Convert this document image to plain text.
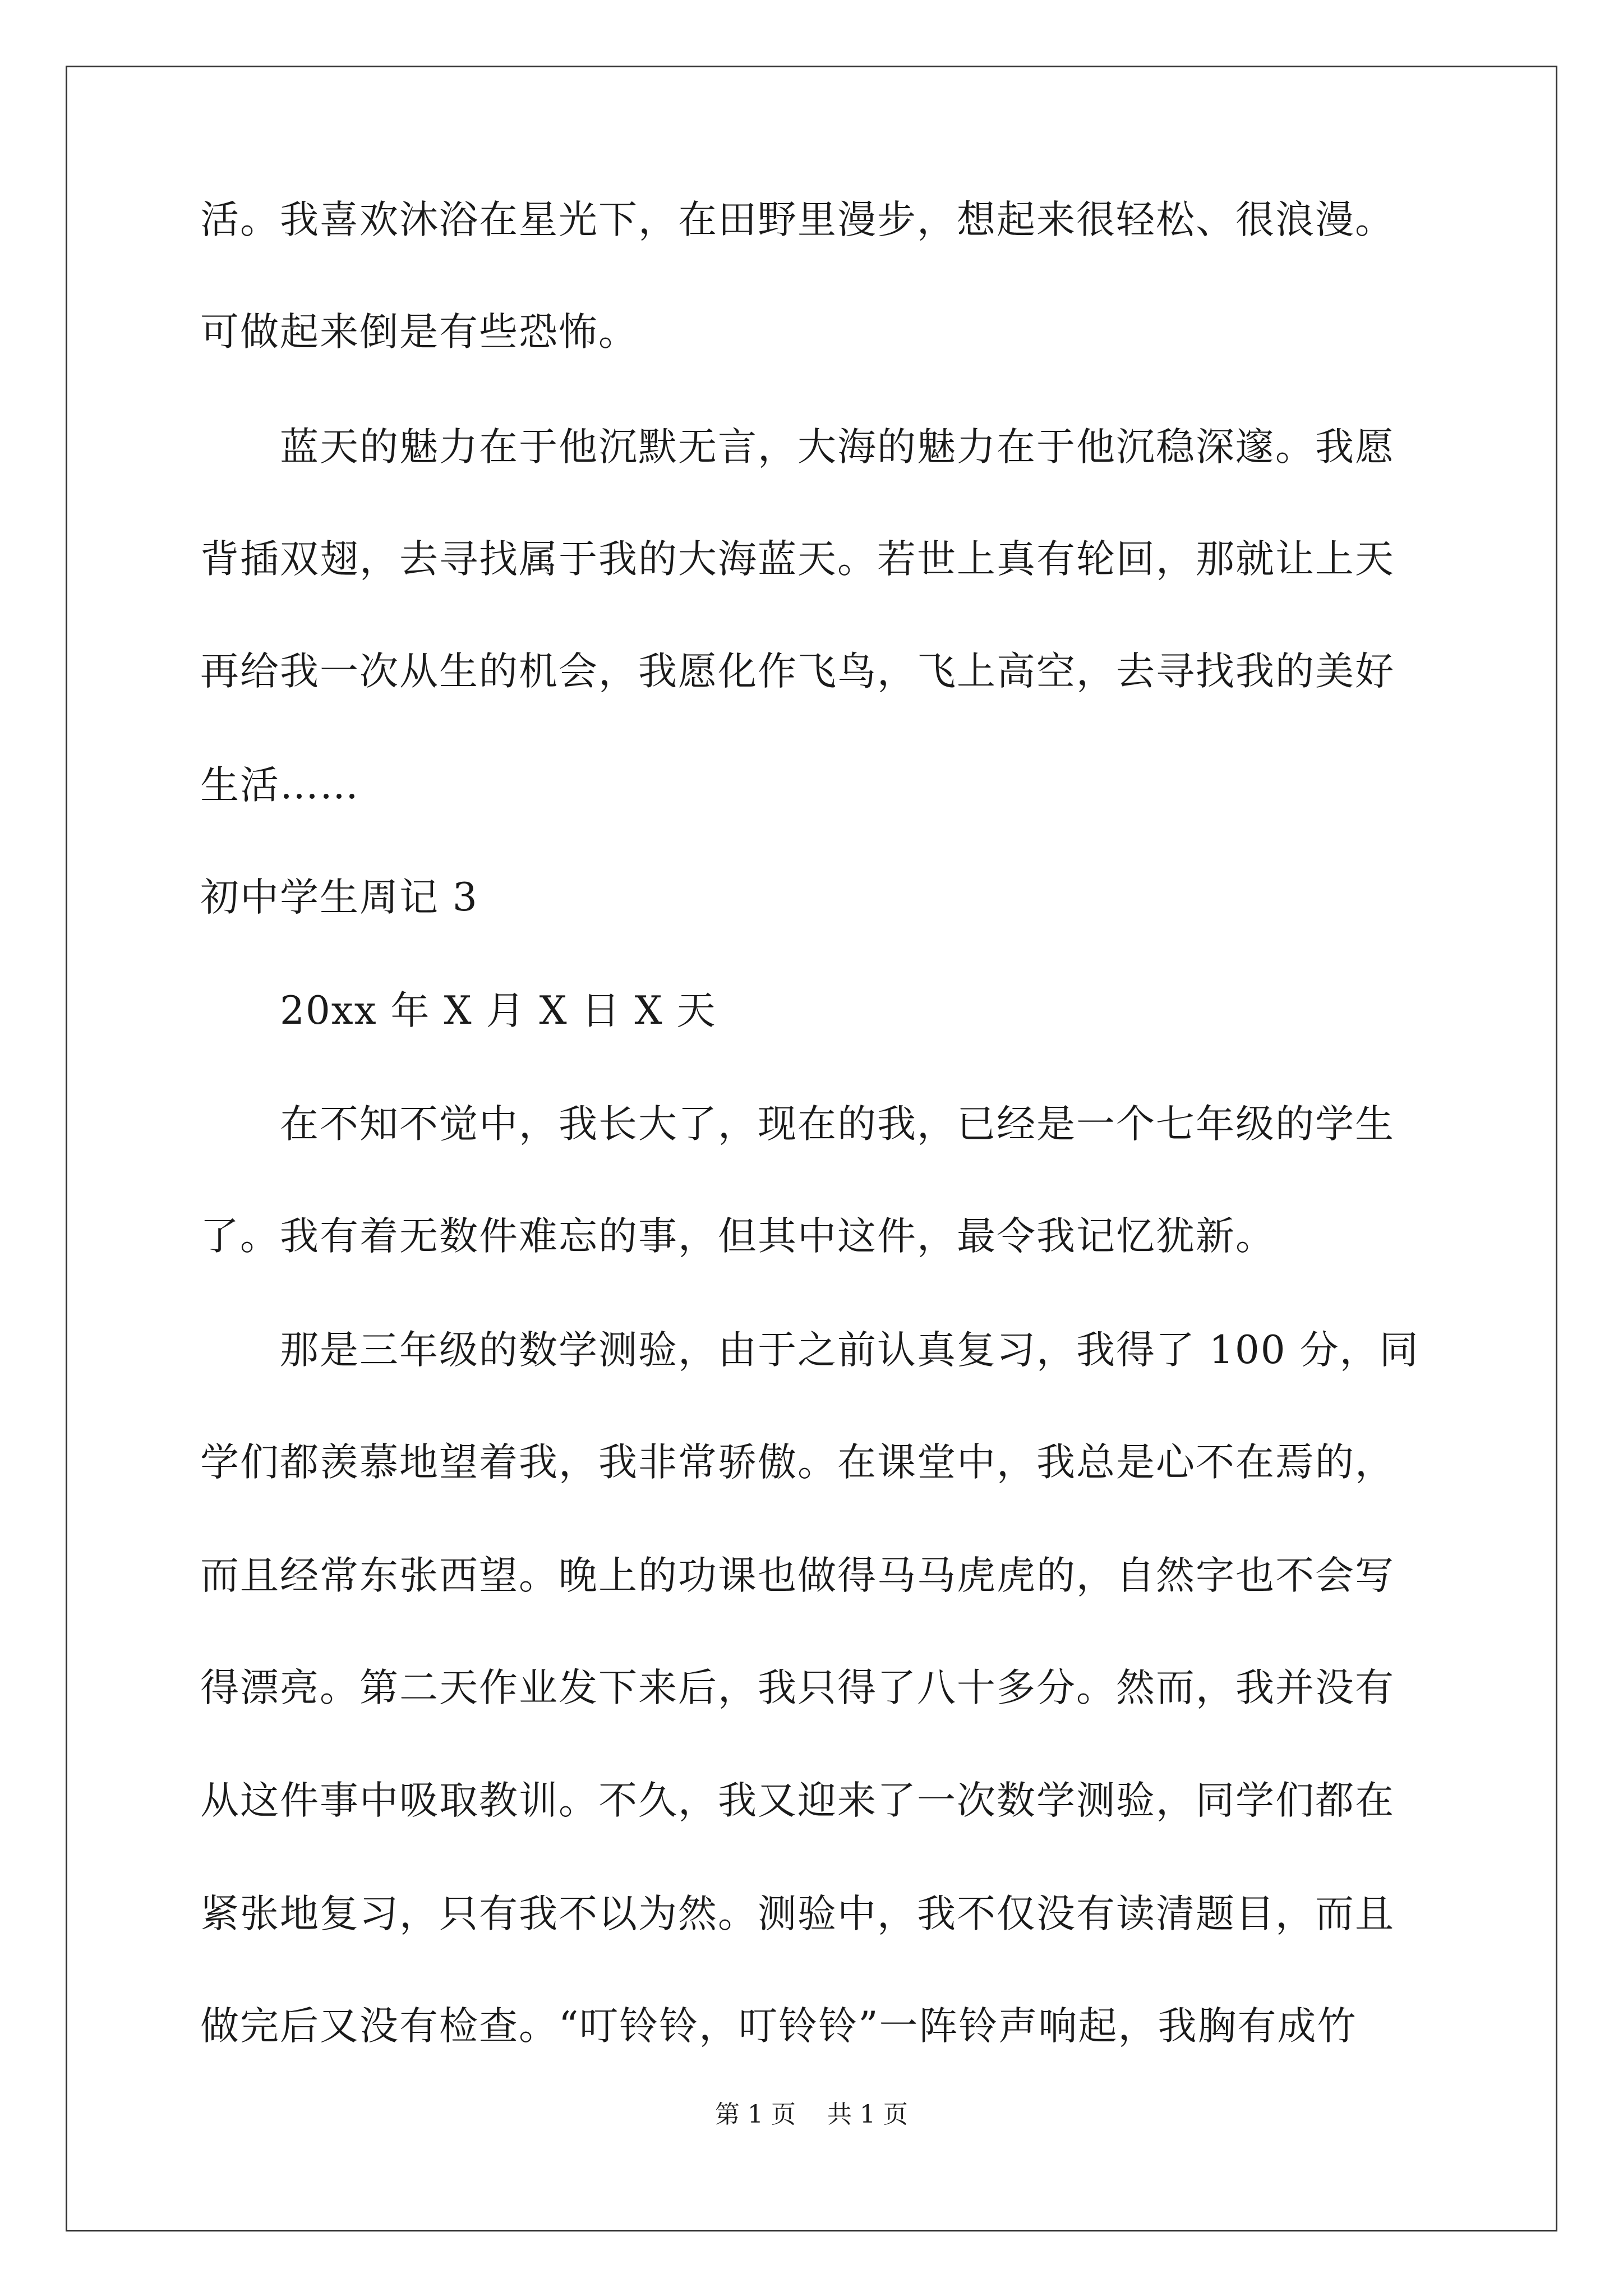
活。我喜欢沐浴在星光下，在田野里漫步，想起来很轻松、很浪漫。
可做起来倒是有些恐怖。
蓝天的魅力在于他沉默无言，大海的魅力在于他沉稳深邃。我愿
背插双翅，去寻找属于我的大海蓝天。若世上真有轮回，那就让上天
再给我一次从生的机会，我愿化作飞鸟，飞上高空，去寻找我的美好
生活……
初中学生周记 3
20xx 年 X 月 X 日 X 天
在不知不觉中，我长大了，现在的我，已经是一个七年级的学生
了。我有着无数件难忘的事，但其中这件，最令我记忆犹新。
那是三年级的数学测验，由于之前认真复习，我得了 100 分，同
学们都羡慕地望着我，我非常骄傲。在课堂中，我总是心不在焉的，
而且经常东张西望。晚上的功课也做得马马虎虎的，自然字也不会写
得漂亮。第二天作业发下来后，我只得了八十多分。然而，我并没有
从这件事中吸取教训。不久，我又迎来了一次数学测验，同学们都在
紧张地复习，只有我不以为然。测验中，我不仅没有读清题目，而且
做完后又没有检查。“叮铃铃，叮铃铃”一阵铃声响起，我胸有成竹
第 1 页    共 1 页
